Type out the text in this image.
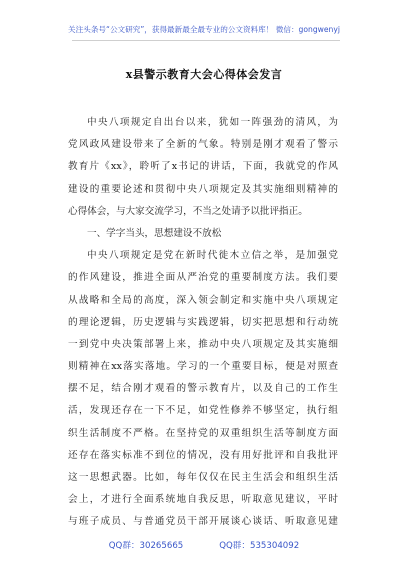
关注头条号“公文研究”，获得最新最全最专业的公文资料库！ 微信：gongwenyj
x县警示教育大会心得体会发言
中央八项规定自出台以来，犹如一阵强劲的清风，为
党风政风建设带来了全新的气象。特别是刚才观看了警示
教育片《xx》，聆听了x书记的讲话，下面，我就党的作风
建设的重要论述和贯彻中央八项规定及其实施细则精神的
心得体会，与大家交流学习，不当之处请予以批评指正。
一、学字当头，思想建设不放松
中央八项规定是党在新时代徙木立信之举，是加强党
的作风建设，推进全面从严治党的重要制度方法。我们要
从战略和全局的高度，深入领会制定和实施中央八项规定
的理论逻辑，历史逻辑与实践逻辑，切实把思想和行动统
一到党中央决策部署上来，推动中央八项规定及其实施细
则精神在xx落实落地。学习的一个重要目标，便是对照查
摆不足，结合刚才观看的警示教育片，以及自己的工作生
活，发现还存在一下不足，如党性修养不够坚定，执行组
织生活制度不严格。在坚持党的双重组织生活等制度方面
还存在落实标准不到位的情况，没有用好批评和自我批评
这一思想武器。比如，每年仅仅在民主生活会和组织生活
会上，才进行全面系统地自我反思，听取意见建议，平时
与班子成员、与普通党员干部开展谈心谈话、听取意见建
QQ群：30265665	QQ群：535304092
